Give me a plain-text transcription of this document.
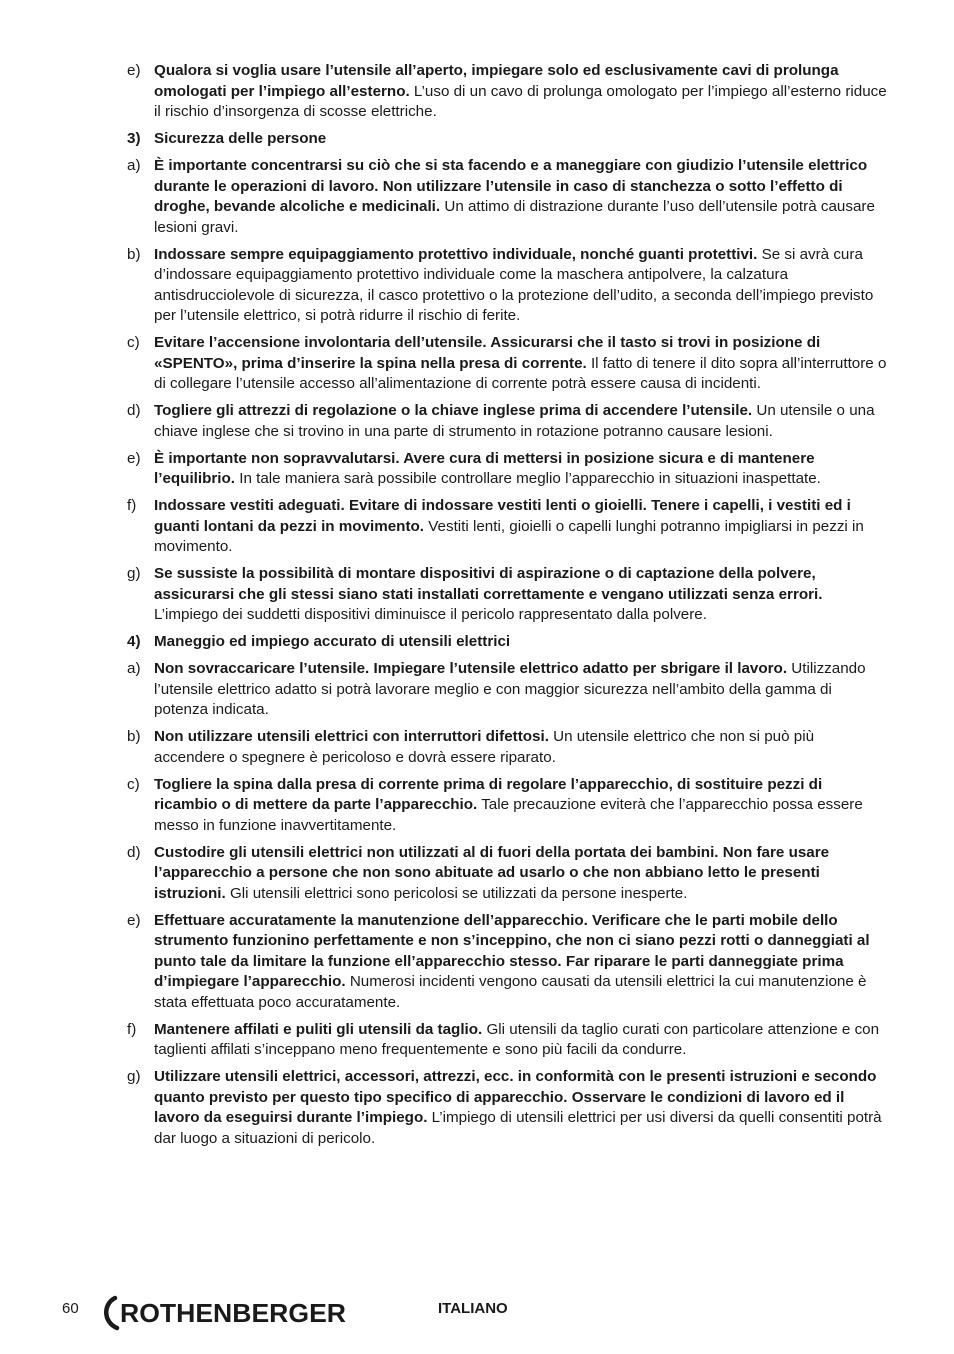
e) Qualora si voglia usare l’utensile all’aperto, impiegare solo ed esclusivamente cavi di prolunga omologati per l’impiego all’esterno. L’uso di un cavo di prolunga omologato per l’impiego all’esterno riduce il rischio d’insorgenza di scosse elettriche.
3) Sicurezza delle persone
a) È importante concentrarsi su ciò che si sta facendo e a maneggiare con giudizio l’utensile elettrico durante le operazioni di lavoro. Non utilizzare l’utensile in caso di stanchezza o sotto l’effetto di droghe, bevande alcoliche e medicinali. Un attimo di distrazione durante l’uso dell’utensile potrà causare lesioni gravi.
b) Indossare sempre equipaggiamento protettivo individuale, nonché guanti protettivi. Se si avrà cura d’indossare equipaggiamento protettivo individuale come la maschera antipolvere, la calzatura antisdrucciolevole di sicurezza, il casco protettivo o la protezione dell’udito, a seconda dell’impiego previsto per l’utensile elettrico, si potrà ridurre il rischio di ferite.
c) Evitare l’accensione involontaria dell’utensile. Assicurarsi che il tasto si trovi in posizione di «SPENTO», prima d’inserire la spina nella presa di corrente. Il fatto di tenere il dito sopra all’interruttore o di collegare l’utensile accesso all’alimentazione di corrente potrà essere causa di incidenti.
d) Togliere gli attrezzi di regolazione o la chiave inglese prima di accendere l’utensile. Un utensile o una chiave inglese che si trovino in una parte di strumento in rotazione potranno causare lesioni.
e) È importante non sopravvalutarsi. Avere cura di mettersi in posizione sicura e di mantenere l’equilibrio. In tale maniera sarà possibile controllare meglio l’apparecchio in situazioni inaspettate.
f)	Indossare vestiti adeguati. Evitare di indossare vestiti lenti o gioielli. Tenere i capelli, i vestiti ed i guanti lontani da pezzi in movimento. Vestiti lenti, gioielli o capelli lunghi potranno impigliarsi in pezzi in movimento.
g) Se sussiste la possibilità di montare dispositivi di aspirazione o di captazione della polvere, assicurarsi che gli stessi siano stati installati correttamente e vengano utilizzati senza errori. L’impiego dei suddetti dispositivi diminuisce il pericolo rappresentato dalla polvere.
4) Maneggio ed impiego accurato di utensili elettrici
a) Non sovraccaricare l’utensile. Impiegare l’utensile elettrico adatto per sbrigare il lavoro. Utilizzando l’utensile elettrico adatto si potrà lavorare meglio e con maggior sicurezza nell’ambito della gamma di potenza indicata.
b) Non utilizzare utensili elettrici con interruttori difettosi. Un utensile elettrico che non si può più accendere o spegnere è pericoloso e dovrà essere riparato.
c) Togliere la spina dalla presa di corrente prima di regolare l’apparecchio, di sostituire pezzi di ricambio o di mettere da parte l’apparecchio. Tale precauzione eviterà che l’apparecchio possa essere messo in funzione inavvertitamente.
d) Custodire gli utensili elettrici non utilizzati al di fuori della portata dei bambini. Non fare usare l’apparecchio a persone che non sono abituate ad usarlo o che non abbiano letto le presenti istruzioni. Gli utensili elettrici sono pericolosi se utilizzati da persone inesperte.
e) Effettuare accuratamente la manutenzione dell’apparecchio. Verificare che le parti mobile dello strumento funzionino perfettamente e non s’inceppino, che non ci siano pezzi rotti o danneggiati al punto tale da limitare la funzione ell’apparecchio stesso. Far riparare le parti danneggiate prima d’impiegare l’apparecchio. Numerosi incidenti vengono causati da utensili elettrici la cui manutenzione è stata effettuata poco accuratamente.
f)	Mantenere affilati e puliti gli utensili da taglio. Gli utensili da taglio curati con particolare attenzione e con taglienti affilati s’inceppano meno frequentemente e sono più facili da condurre.
g) Utilizzare utensili elettrici, accessori, attrezzi, ecc. in conformità con le presenti istruzioni e secondo quanto previsto per questo tipo specifico di apparecchio. Osservare le condizioni di lavoro ed il lavoro da eseguirsi durante l’impiego. L’impiego di utensili elettrici per usi diversi da quelli consentiti potrà dar luogo a situazioni di pericolo.
60 ROTHENBERGER	ITALIANO
